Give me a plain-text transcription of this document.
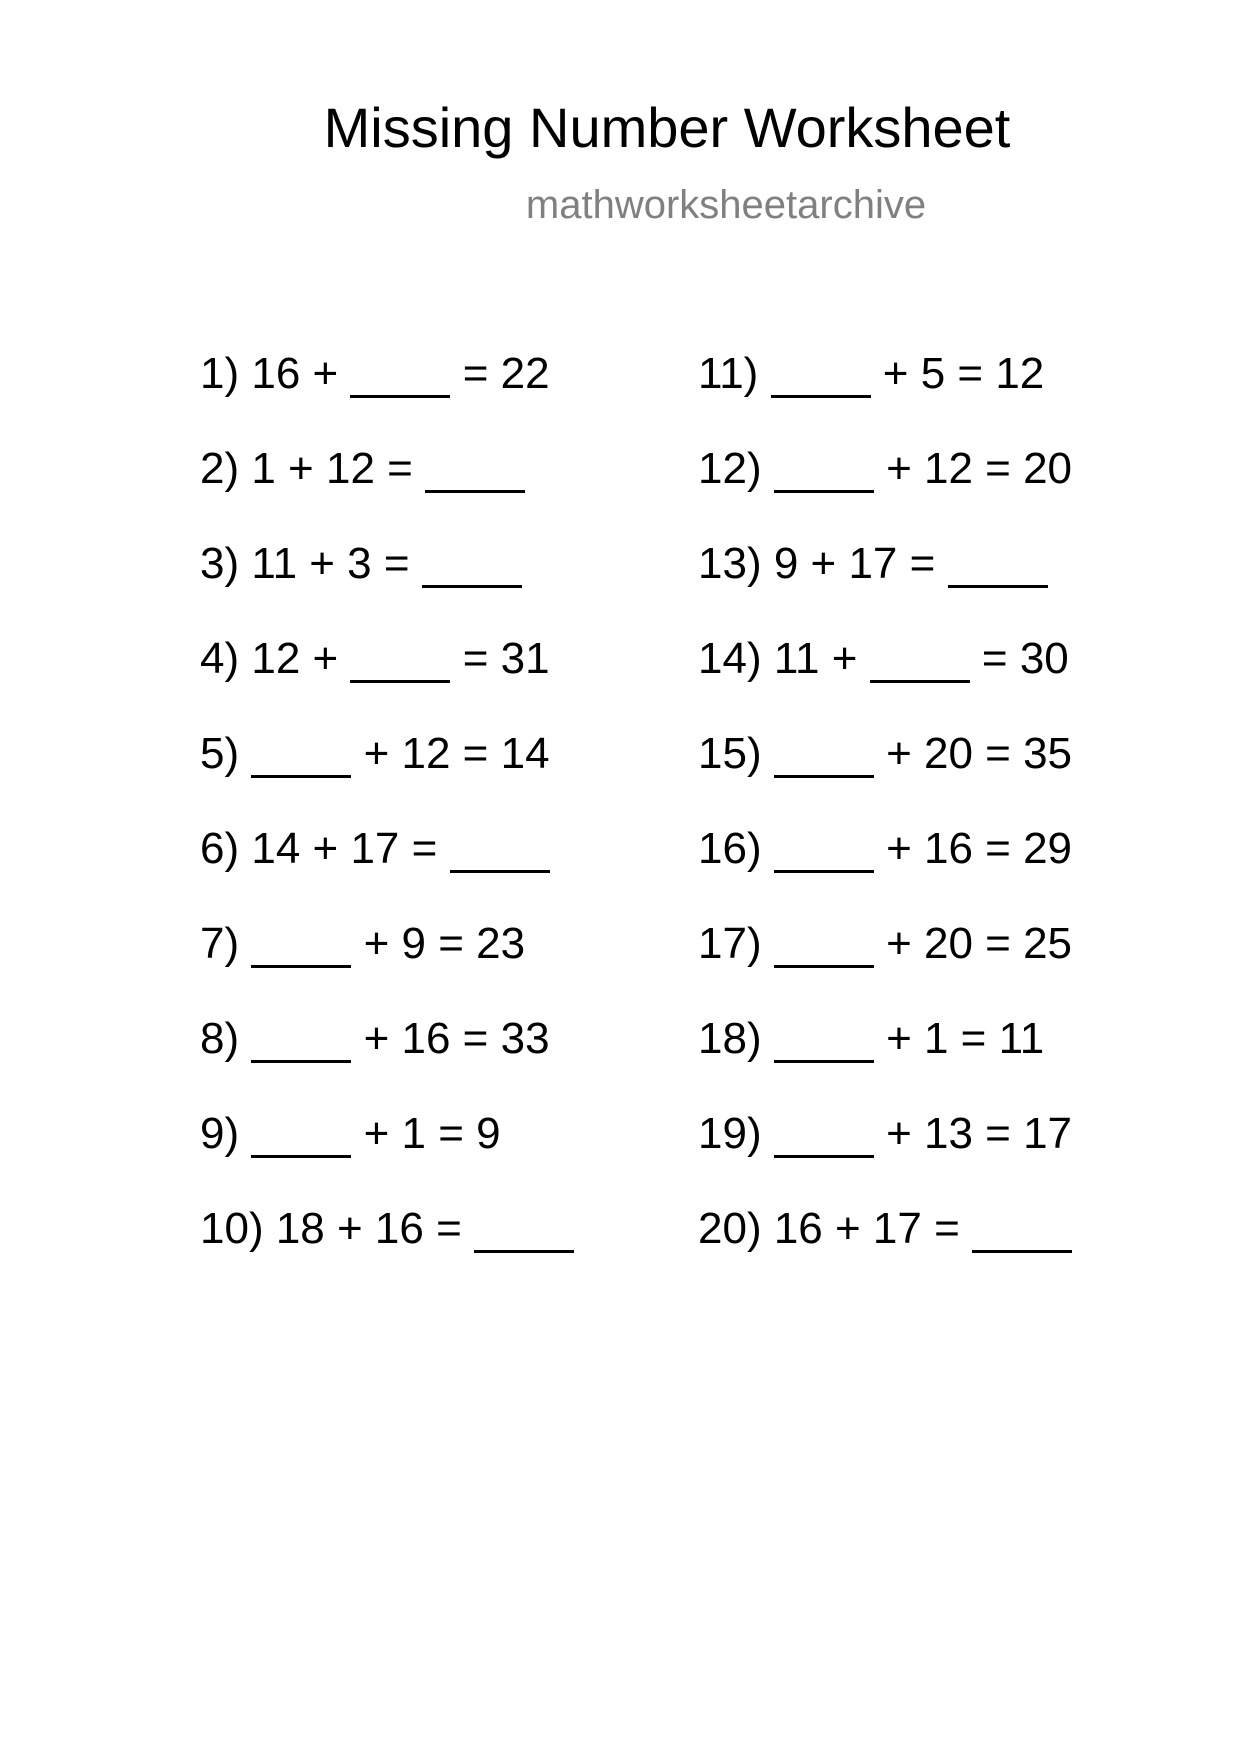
Missing Number Worksheet
mathworksheetarchive
1) 16 +	= 22
2) 1 + 12 =
3) 11 + 3 =
4) 12 +	= 31
5)	+ 12 = 14
6) 14 + 17 =
7)	+ 9 = 23
8)	+ 16 = 33
9)	+ 1 = 9
10) 18 + 16 =
11)	+ 5 = 12
12)	+ 12 = 20
13) 9 + 17 =
14) 11 +	= 30
15)	+ 20 = 35
16)	+ 16 = 29
17)	+ 20 = 25
18)	+ 1 = 11
19)	+ 13 = 17
20) 16 + 17 =
